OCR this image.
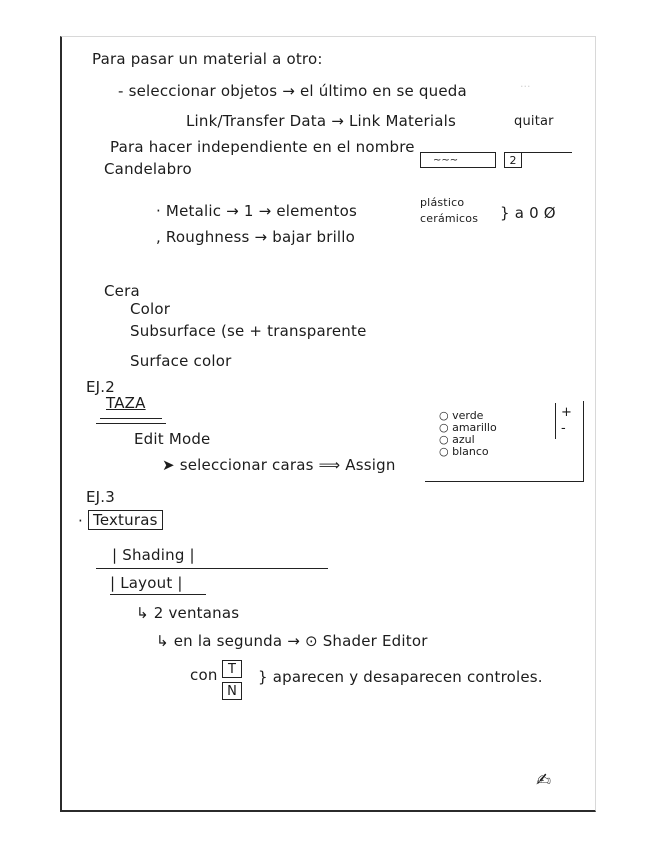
···
Para pasar un material a otro:
- seleccionar objetos → el último en se queda
Link/Transfer Data → Link Materials	quitar
Para hacer independiente en el nombre
~~~	2
Candelabro
· Metalic → 1 → elementos	plástico
cerámicos } a 0 Ø
, Roughness → bajar brillo
Cera
Color
Subsurface (se + transparente
Surface color
EJ.2
TAZA
Edit Mode
➤ seleccionar caras ⟹ Assign
○ verde
○ amarillo
○ azul
○ blanco
+
-
EJ.3
· Texturas
| Shading |
| Layout |
↳ 2 ventanas
↳ en la segunda → ⊙ Shader Editor
con T
N
} aparecen y desaparecen controles.
✍
